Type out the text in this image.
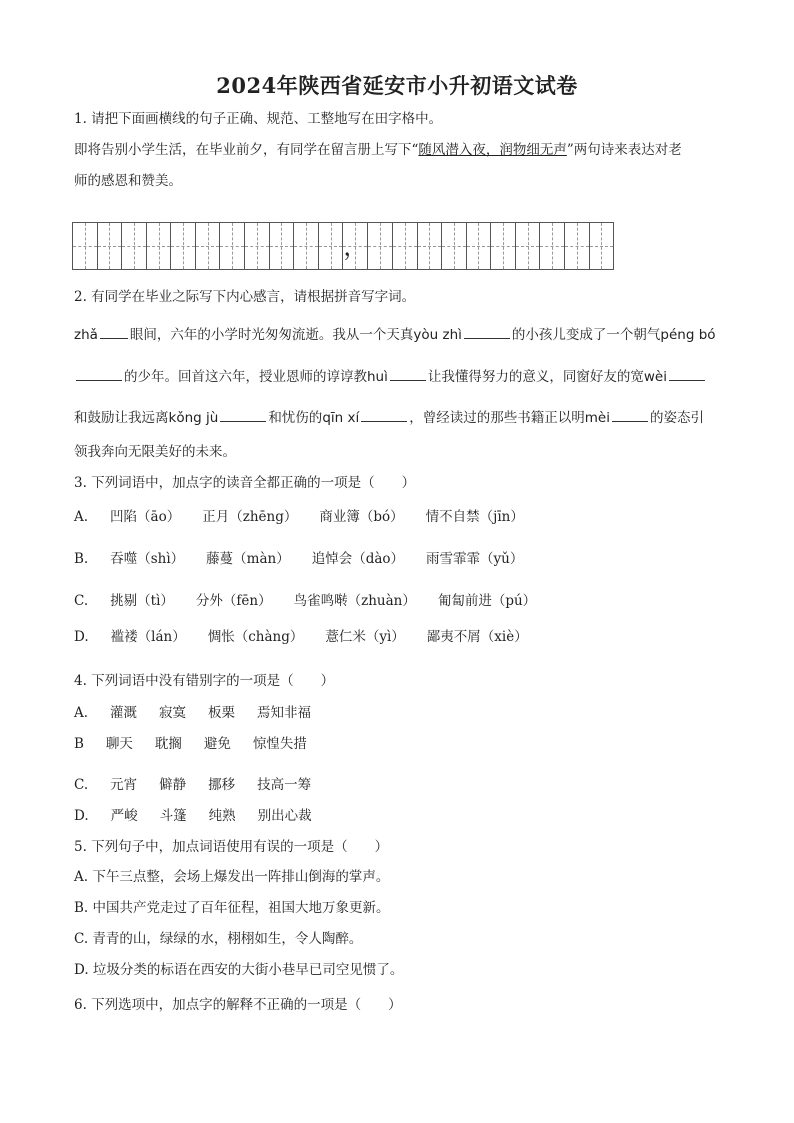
2024年陕西省延安市小升初语文试卷
1. 请把下面画横线的句子正确、规范、工整地写在田字格中。
即将告别小学生活，在毕业前夕，有同学在留言册上写下“随风潜入夜，润物细无声”两句诗来表达对老
师的感恩和赞美。
，
2. 有同学在毕业之际写下内心感言，请根据拼音写字词。
zhǎ 眼间，六年的小学时光匆匆流逝。我从一个天真yòu zhì	的小孩儿变成了一个朝气péng bó
的少年。回首这六年，授业恩师的谆谆教huì	让我懂得努力的意义，同窗好友的宽wèi
和鼓励让我远离kǒng jù	和忧伤的qīn xí	，曾经读过的那些书籍正以明mèi	的姿态引
领我奔向无限美好的未来。
3. 下列词语中，加点字的读音全都正确的一项是（　　）
A. 凹陷（āo） 正月（zhēng） 商业簿（bó） 情不自禁（jīn）
B. 吞噬（shì） 藤蔓（màn） 追悼会（dào） 雨雪霏霏（yǔ）
C. 挑剔（tì） 分外（fēn） 鸟雀鸣啭（zhuàn） 匍匐前进（pú）
D. 褴褛（lán） 惆怅（chàng） 薏仁米（yì） 鄙夷不屑（xiè）
4. 下列词语中没有错别字的一项是（　　）
A. 灌溉 寂寞 板栗 焉知非福
B 聊天 耽搁 避免 惊惶失措
C. 元宵 僻静 挪移 技高一筹
D. 严峻 斗篷 纯熟 别出心裁
5. 下列句子中，加点词语使用有误的一项是（　　）
A. 下午三点整，会场上爆发出一阵排山倒海的掌声。
B. 中国共产党走过了百年征程，祖国大地万象更新。
C. 青青的山，绿绿的水，栩栩如生，令人陶醉。
D. 垃圾分类的标语在西安的大街小巷早已司空见惯了。
6. 下列选项中，加点字的解释不正确的一项是（　　）
